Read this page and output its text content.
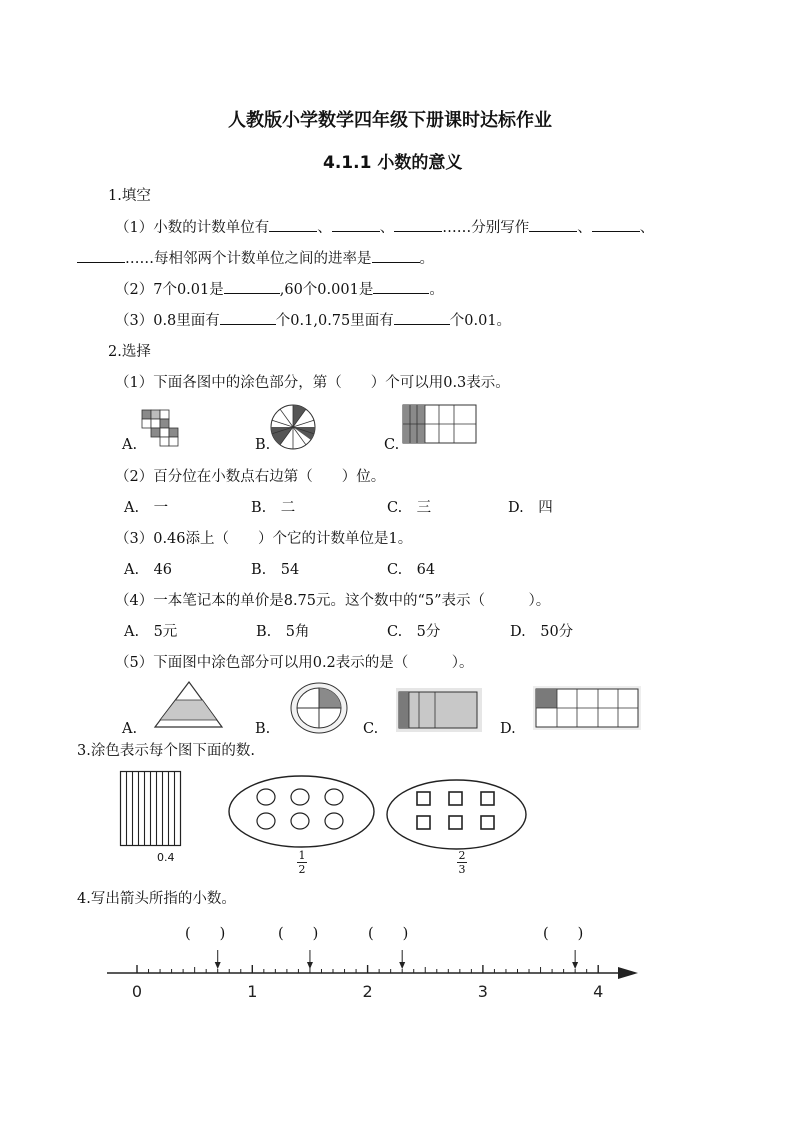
人教版小学数学四年级下册课时达标作业
4.1.1 小数的意义
1.填空
（1）小数的计数单位有	、	、	……分别写作	、	、
……每相邻两个计数单位之间的进率是	。
（2）7个0.01是	,60个0.001是	。
（3）0.8里面有	个0.1,0.75里面有	个0.01。
2.选择
（1）下面各图中的涂色部分，第（　　）个可以用0.3表示。
A.	B.	C.
（2）百分位在小数点右边第（　　）位。
A.　一	B.　二	C.　三	D.　四
（3）0.46添上（　　）个它的计数单位是1。
A.　46	B.　54	C.　64
（4）一本笔记本的单价是8.75元。这个数中的“5”表示（　　　）。
A.　5元	B.　5角	C.　5分	D.　50分
（5）下面图中涂色部分可以用0.2表示的是（　　　）。
A.	B.	C.	D.
3.涂色表示每个图下面的数.
0.4	1
2
2
3
4.写出箭头所指的小数。
(　　)	(　　)	(　　)	(　　)
0	1	2	3	4
